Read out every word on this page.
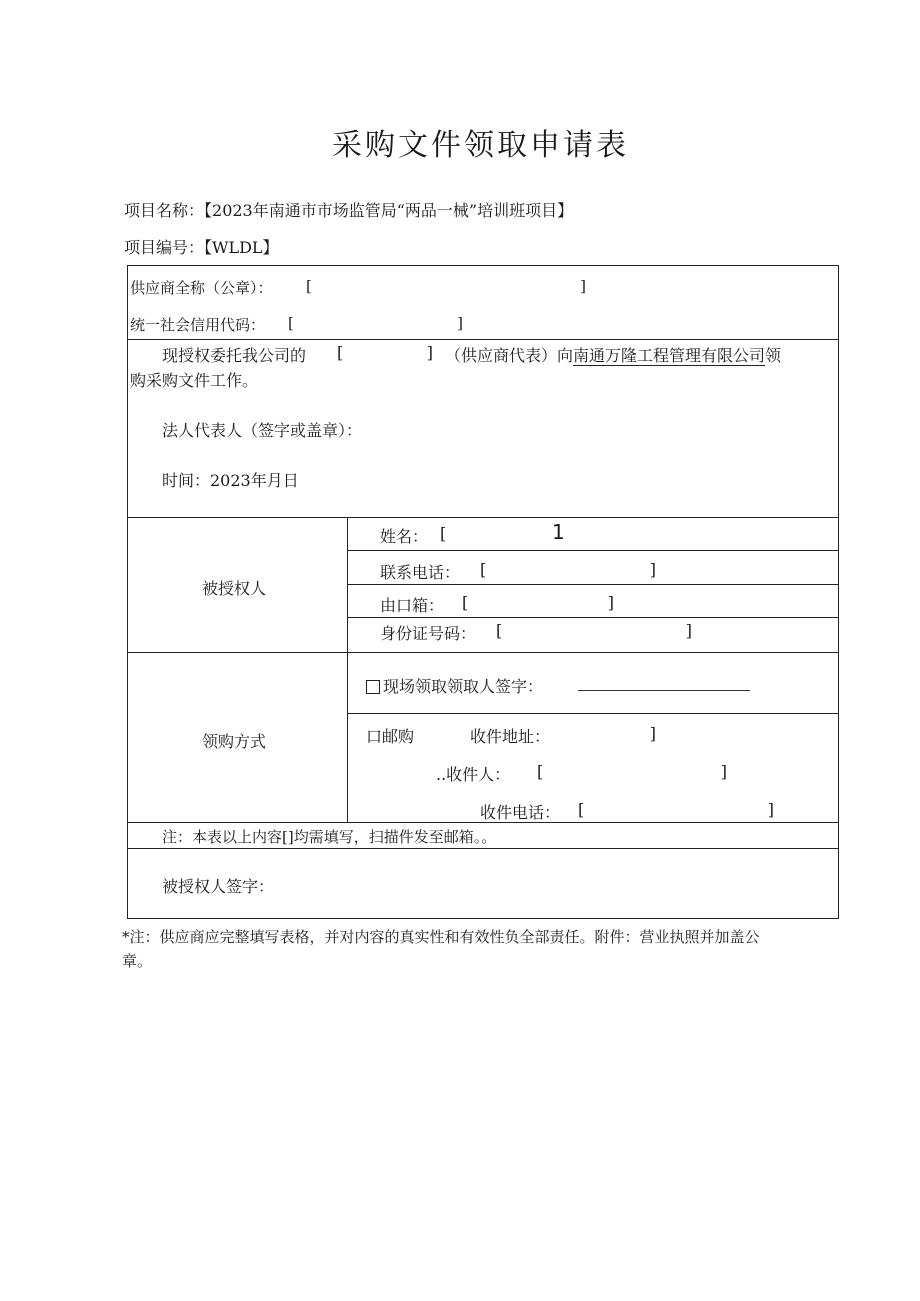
采购文件领取申请表
项目名称：【2023年南通市市场监管局“两品一械”培训班项目】
项目编号：【WLDL】
供应商全称（公章）： [	]
统一社会信用代码： [	]
现授权委托我公司的 [	] （供应商代表）向南通万隆工程管理有限公司领
购采购文件工作。
法人代表人（签字或盖章）：
时间：2023年月日
被授权人
姓名： [	1
联系电话： [	]
由口箱： [	]
身份证号码： [	]
领购方式
现场领取领取人签字：
口邮购	收件地址：	]
..收件人： [	]
收件电话： [	]
注：本表以上内容[]均需填写，扫描件发至邮箱。。
被授权人签字：
*注：供应商应完整填写表格，并对内容的真实性和有效性负全部责任。附件：营业执照并加盖公
章。
